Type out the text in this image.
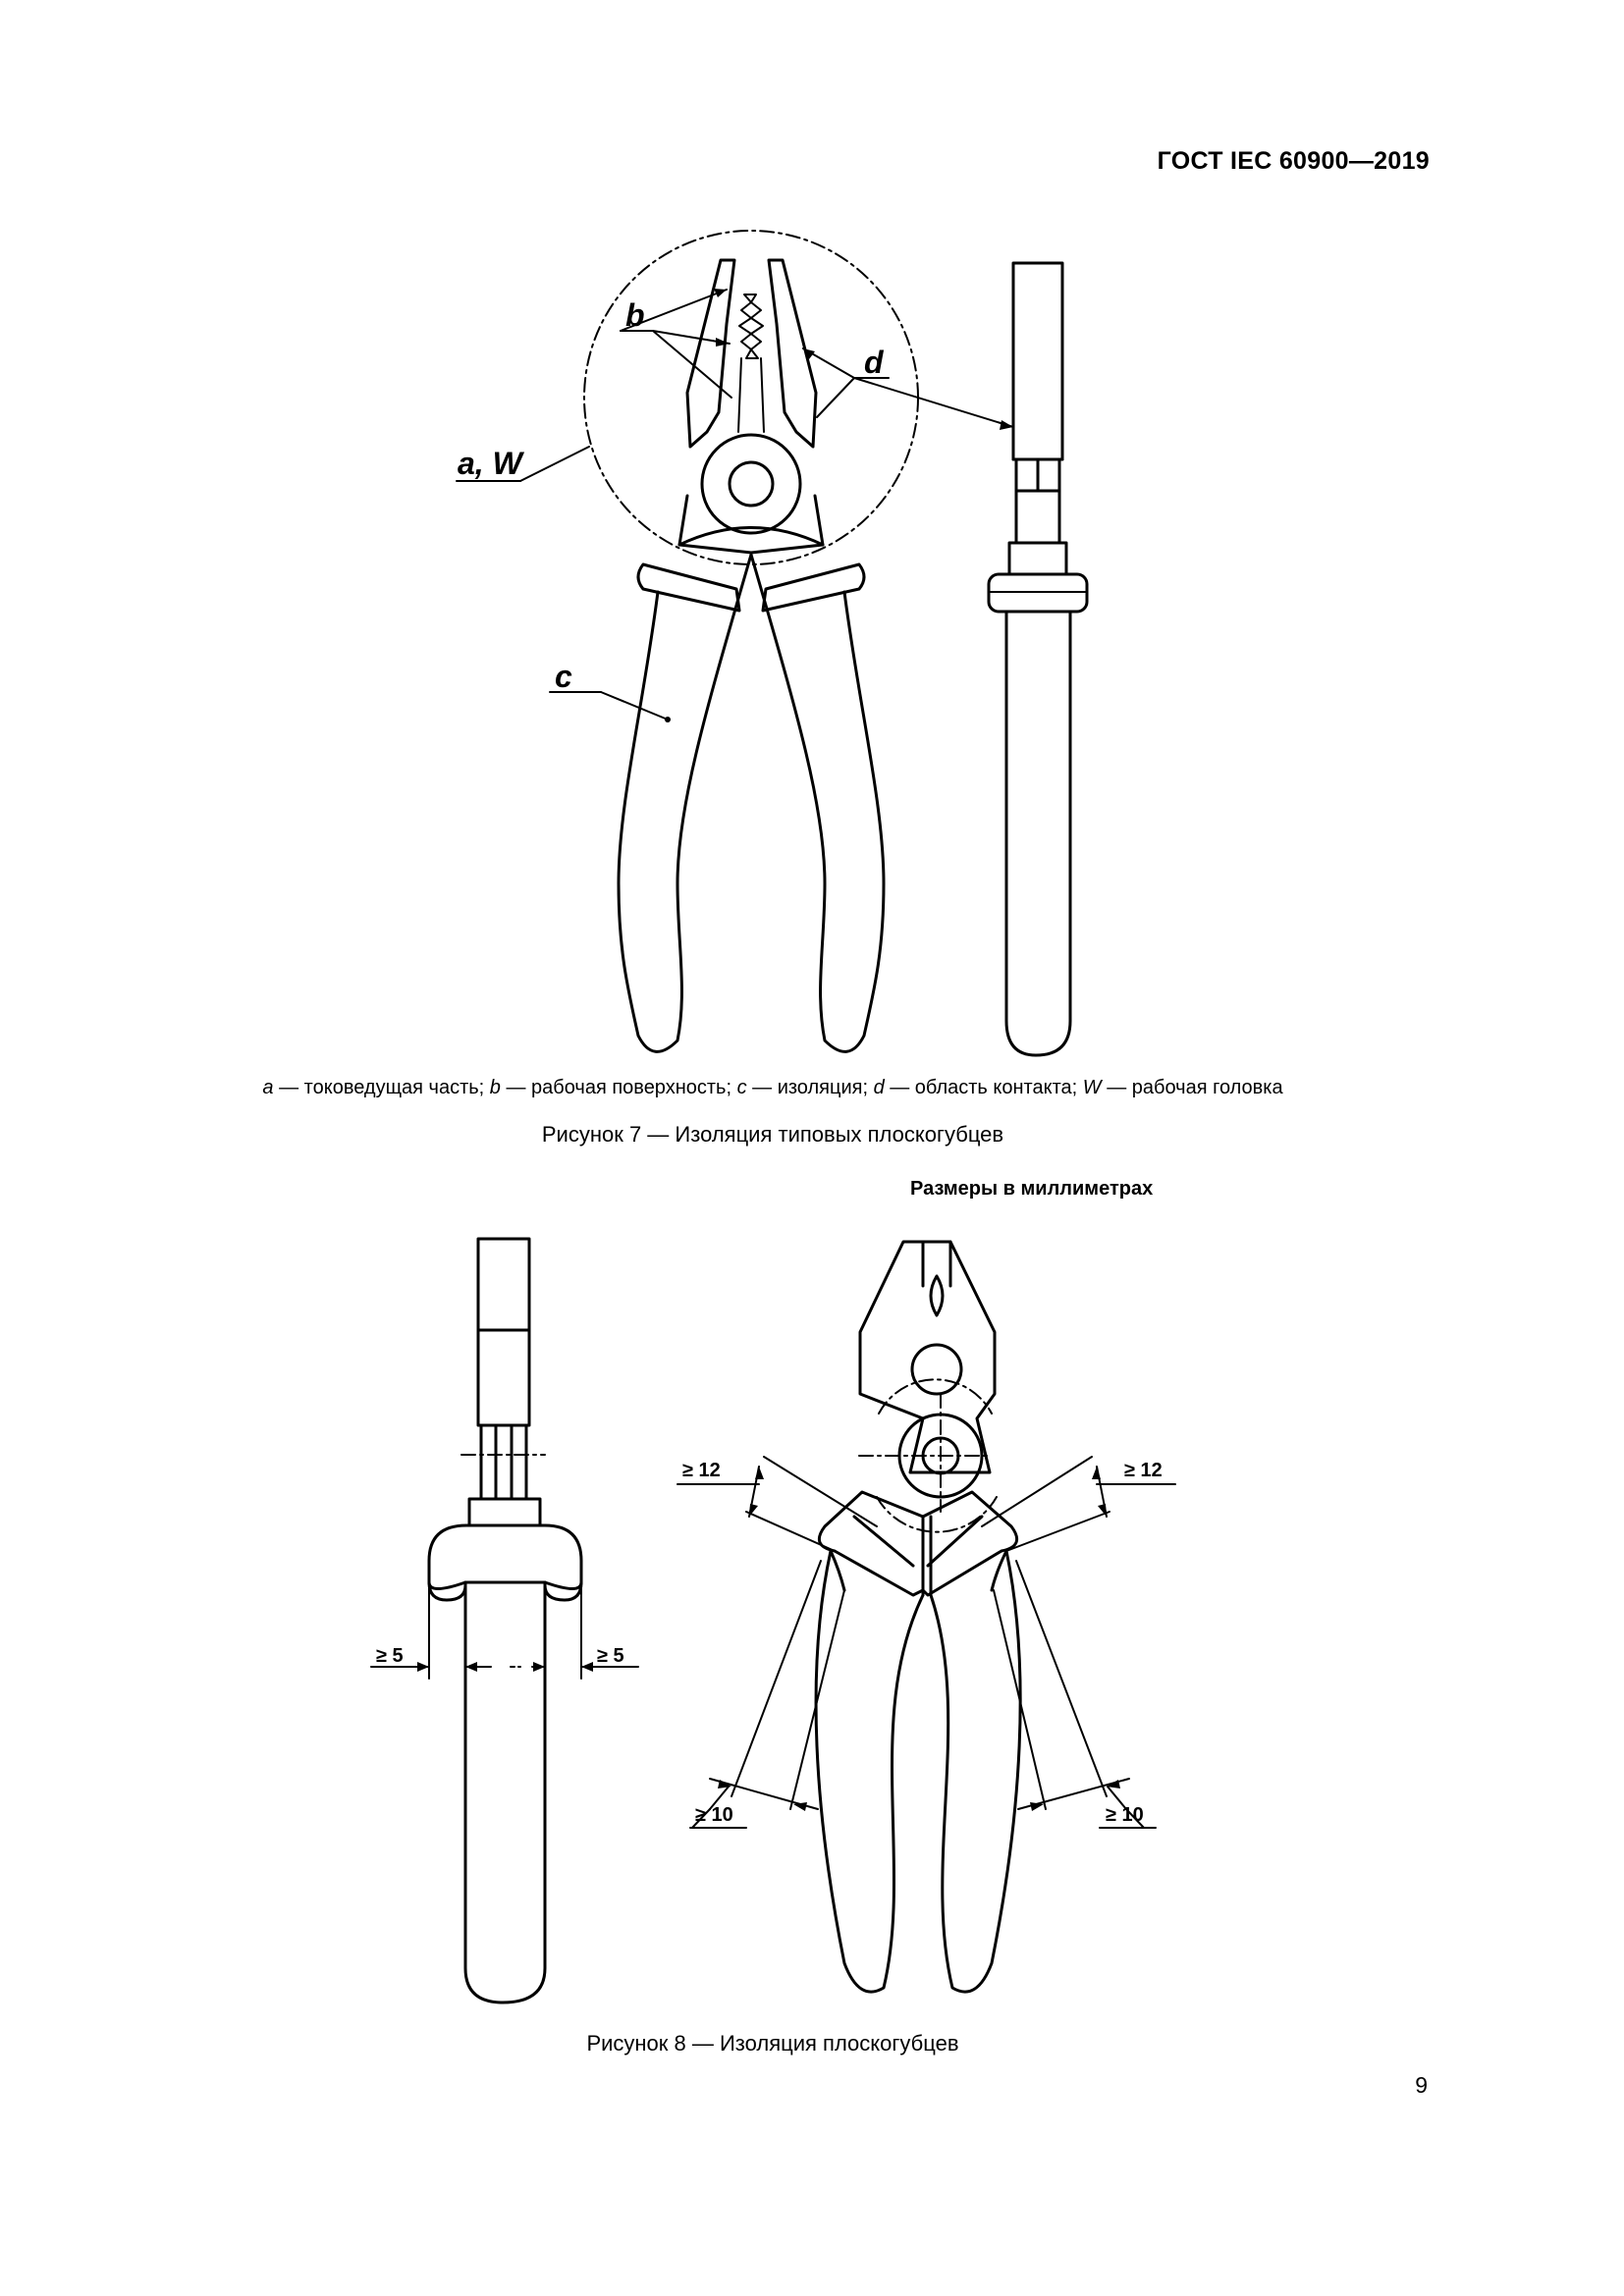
ГОСТ IEC 60900—2019
b
a, W
d
c
≥ 5	≥ 5
≥ 12	≥ 12
≥ 10	≥ 10
a — токоведущая часть; b — рабочая поверхность; c — изоляция; d — область контакта; W — рабочая головка
Рисунок 7 — Изоляция типовых плоскогубцев
Размеры в миллиметрах
Рисунок 8 — Изоляция плоскогубцев
9
